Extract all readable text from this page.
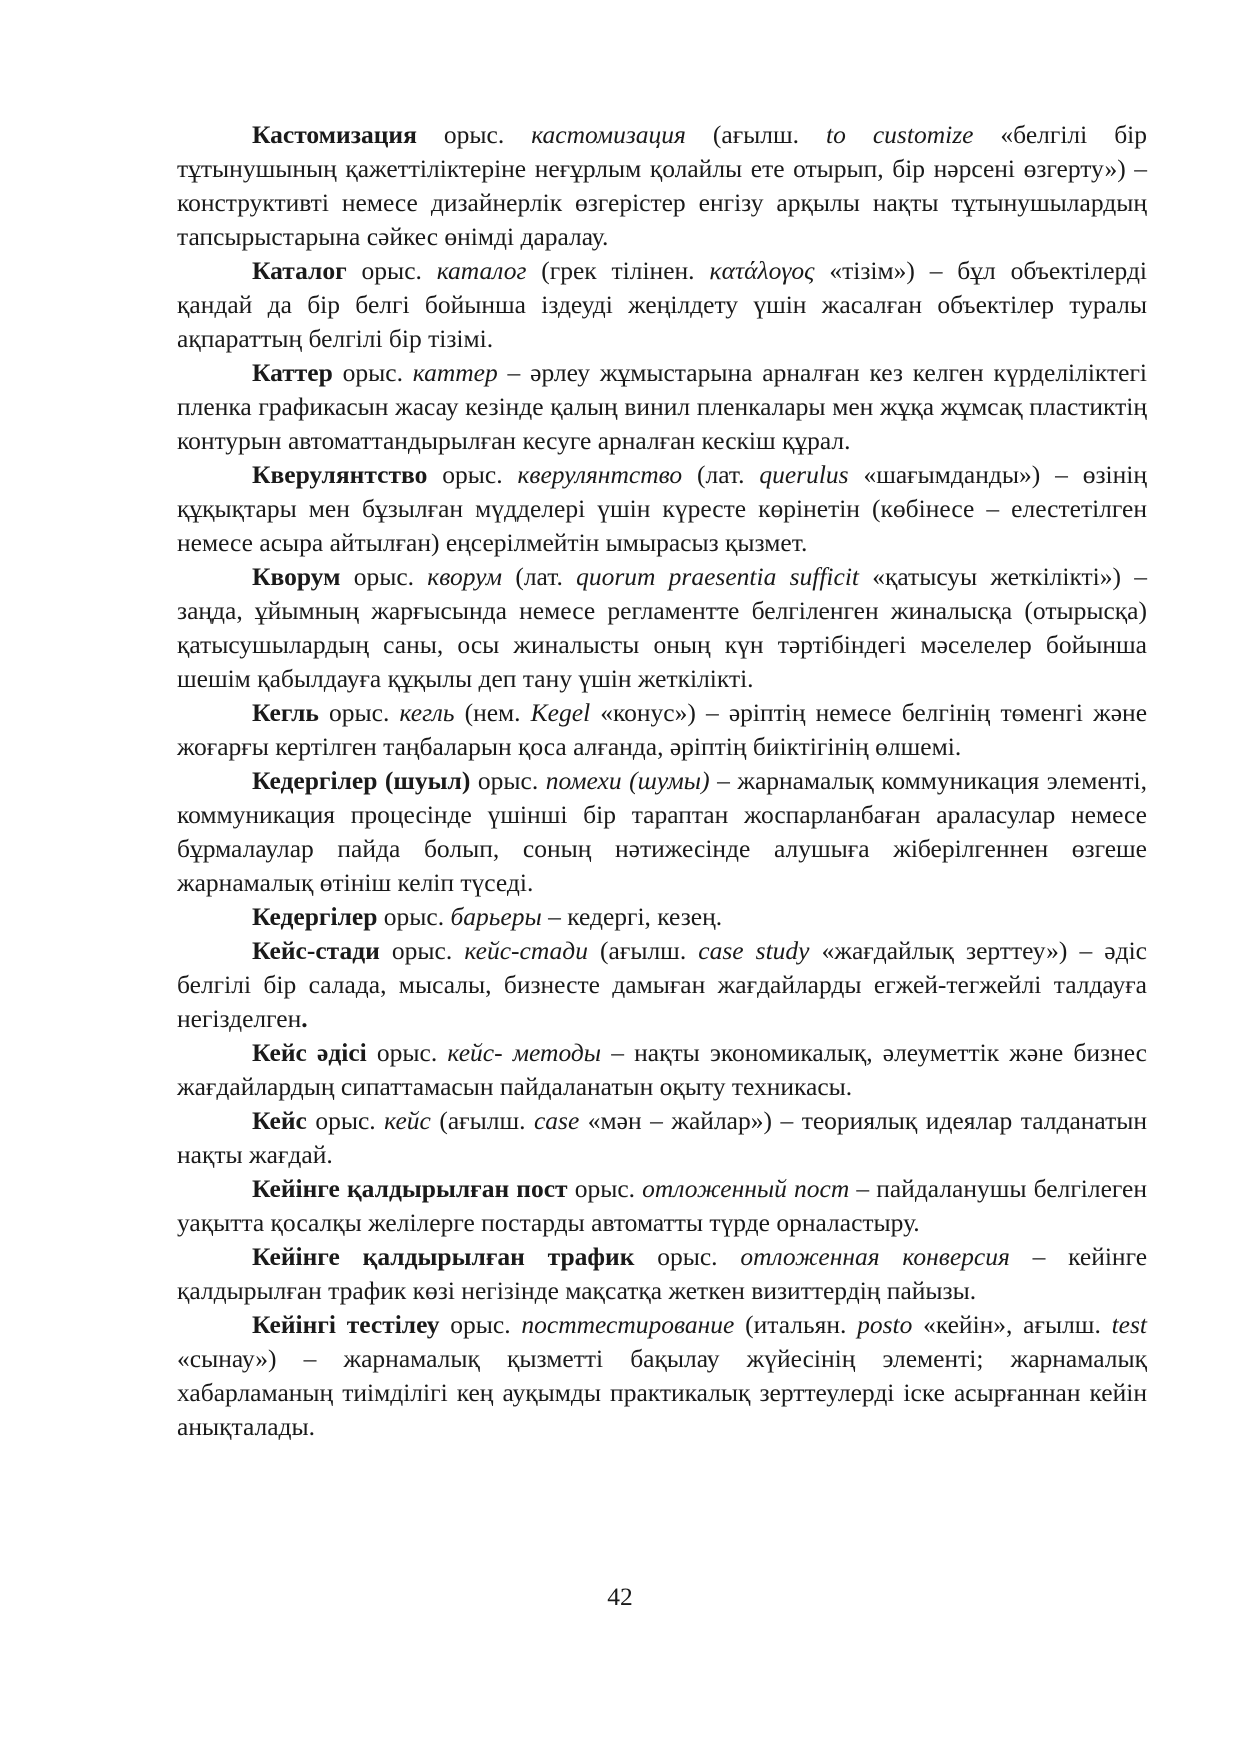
Кастомизация орыс. кастомизация (ағылш. to customize «белгілі бір тұтынушының қажеттіліктеріне неғұрлым қолайлы ете отырып, бір нәрсені өзгерту») – конструктивті немесе дизайнерлік өзгерістер енгізу арқылы нақты тұтынушылардың тапсырыстарына сәйкес өнімді даралау.

Каталог орыс. каталог (грек тілінен. κατάλογος «тізім») – бұл объектілерді қандай да бір белгі бойынша іздеуді жеңілдету үшін жасалған объектілер туралы ақпараттың белгілі бір тізімі.

Каттер орыс. каттер – әрлеу жұмыстарына арналған кез келген күрделіліктегі пленка графикасын жасау кезінде қалың винил пленкалары мен жұқа жұмсақ пластиктің контурын автоматтандырылған кесуге арналған кескіш құрал.

Кверулянтство орыс. кверулянтство (лат. querulus «шағымданды») – өзінің құқықтары мен бұзылған мүдделері үшін күресте көрінетін (көбінесе – елестетілген немесе асыра айтылған) еңсерілмейтін ымырасыз қызмет.

Кворум орыс. кворум (лат. quorum praesentia sufficit «қатысуы жеткілікті») – заңда, ұйымның жарғысында немесе регламентте белгіленген жиналысқа (отырысқа) қатысушылардың саны, осы жиналысты оның күн тәртібіндегі мәселелер бойынша шешім қабылдауға құқылы деп тану үшін жеткілікті.

Кегль орыс. кегль (нем. Kegel «конус») – әріптің немесе белгінің төменгі және жоғарғы кертілген таңбаларын қоса алғанда, әріптің биіктігінің өлшемі.

Кедергілер (шуыл) орыс. помехи (шумы) – жарнамалық коммуникация элементі, коммуникация процесінде үшінші бір тараптан жоспарланбаған араласулар немесе бұрмалаулар пайда болып, соның нәтижесінде алушыға жіберілгеннен өзгеше жарнамалық өтініш келіп түседі.

Кедергілер орыс. барьеры – кедергі, кезең.

Кейс-стади орыс. кейс-стади (ағылш. case study «жағдайлық зерттеу») – әдіс белгілі бір салада, мысалы, бизнесте дамыған жағдайларды егжей-тегжейлі талдауға негізделген.

Кейс әдісі орыс. кейс- методы – нақты экономикалық, әлеуметтік және бизнес жағдайлардың сипаттамасын пайдаланатын оқыту техникасы.

Кейс орыс. кейс (ағылш. case «мән – жайлар») – теориялық идеялар талданатын нақты жағдай.

Кейінге қалдырылған пост орыс. отложенный пост – пайдаланушы белгілеген уақытта қосалқы желілерге постарды автоматты түрде орналастыру.

Кейінге қалдырылған трафик орыс. отложенная конверсия – кейінге қалдырылған трафик көзі негізінде мақсатқа жеткен визиттердің пайызы.

Кейінгі тестілеу орыс. посттестирование (итальян. posto «кейін», ағылш. test «сынау») – жарнамалық қызметті бақылау жүйесінің элементі; жарнамалық хабарламаның тиімділігі кең ауқымды практикалық зерттеулерді іске асырғаннан кейін анықталады.

42
